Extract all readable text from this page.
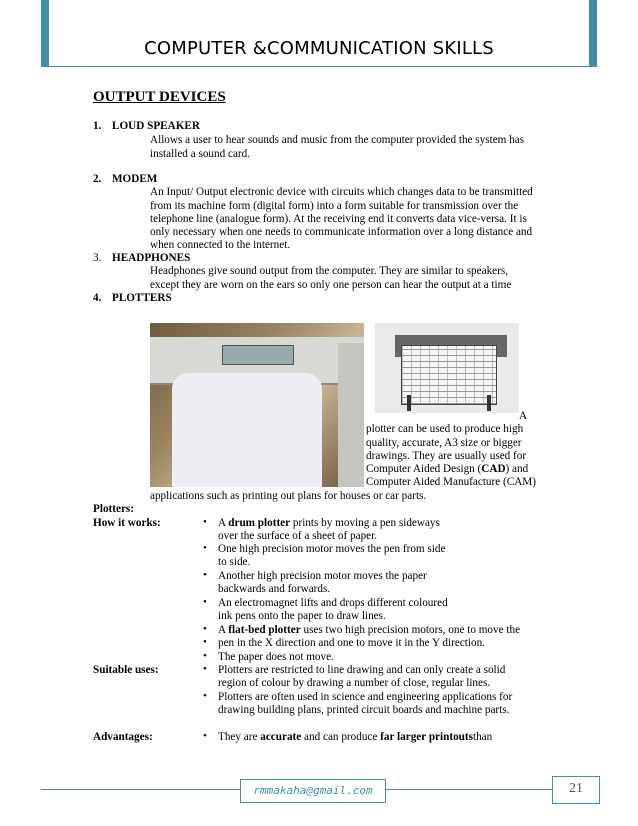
COMPUTER &COMMUNICATION SKILLS
OUTPUT DEVICES
1. LOUD SPEAKER
Allows a user to hear sounds and music from the computer provided the system has
installed a sound card.
2. MODEM
An Input/ Output electronic device with circuits which changes data to be transmitted
from its machine form (digital form) into a form suitable for transmission over the
telephone line (analogue form). At the receiving end it converts data vice-versa. It is
only necessary when one needs to communicate information over a long distance and
when connected to the internet.
3. HEADPHONES
Headphones give sound output from the computer. They are similar to speakers,
except they are worn on the ears so only one person can hear the output at a time
4. PLOTTERS
A
plotter can be used to produce high
quality, accurate, A3 size or bigger
drawings. They are usually used for
Computer Aided Design (CAD) and
Computer Aided Manufacture (CAM)
applications such as printing out plans for houses or car parts.
Plotters:
How it works:	• A drum plotter prints by moving a pen sideways
over the surface of a sheet of paper.
• One high precision motor moves the pen from side
to side.
• Another high precision motor moves the paper
backwards and forwards.
• An electromagnet lifts and drops different coloured
ink pens onto the paper to draw lines.
• A flat-bed plotter uses two high precision motors, one to move the
• pen in the X direction and one to move it in the Y direction.
• The paper does not move.
Suitable uses:	• Plotters are restricted to line drawing and can only create a solid
region of colour by drawing a number of close, regular lines.
• Plotters are often used in science and engineering applications for
drawing building plans, printed circuit boards and machine parts.
Advantages:	• They are accurate and can produce far larger printoutsthan
rmmakaha@gmail.com	21
